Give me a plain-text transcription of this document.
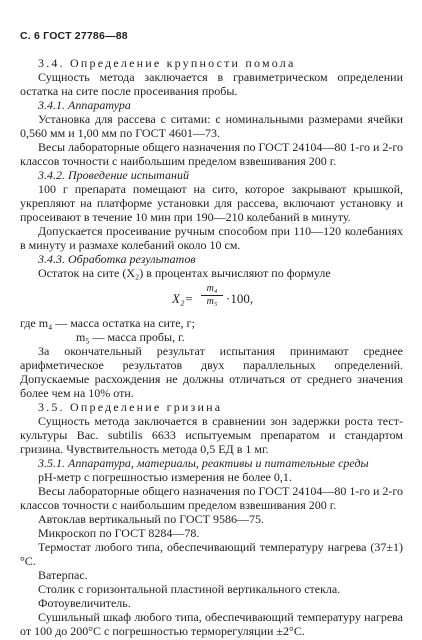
С. 6 ГОСТ 27786—88

3.4. Определение крупности помола

Сущность метода заключается в гравиметрическом определении остатка на сите после просеивания пробы.

3.4.1. Аппаратура

Установка для рассева с ситами: с номинальными размерами ячейки 0,560 мм и 1,00 мм по ГОСТ 4601—73.

Весы лабораторные общего назначения по ГОСТ 24104—80 1-го и 2-го классов точности с наибольшим пределом взвешивания 200 г.

3.4.2. Проведение испытаний

100 г препарата помещают на сито, которое закрывают крышкой, укрепляют на платформе установки для рассева, включают установку и просеивают в течение 10 мин при 190—210 колебаний в минуту.

Допускается просеивание ручным способом при 110—120 колебаниях в минуту и размахе колебаний около 10 см.

3.4.3. Обработка результатов

Остаток на сите (X₂) в процентах вычисляют по формуле

$X_2= \frac{\text{m₄}}{\text{m₅}} \cdot 100$,

где m₄ — масса остатка на сите, г;

m₅ — масса пробы, г.

За окончательный результат испытания принимают среднее арифметическое результатов двух параллельных определений. Допускаемые расхождения не должны отличаться от среднего значения более чем на 10% отн.

3.5. Определение гризина

Сущность метода заключается в сравнении зон задержки роста тест-культуры Bac. subtilis 6633 испытуемым препаратом и стандартом гризина. Чувствительность метода 0,5 ЕД в 1 мг.

3.5.1. Аппаратура, материалы, реактивы и питательные среды

рН-метр с погрешностью измерения не более 0,1.

Весы лабораторные общего назначения по ГОСТ 24104—80 1-го и 2-го классов точности с наибольшим пределом взвешивания 200 г.

Автоклав вертикальный по ГОСТ 9586—75.

Микроскоп по ГОСТ 8284—78.

Термостат любого типа, обеспечивающий температуру нагрева (37±1)°С.

Ватерпас.

Столик с горизонтальной пластиной вертикального стекла.

Фотоувеличитель.

Сушильный шкаф любого типа, обеспечивающий температуру нагрева от 100 до 200°С с погрешностью терморегуляции ±2°С.
